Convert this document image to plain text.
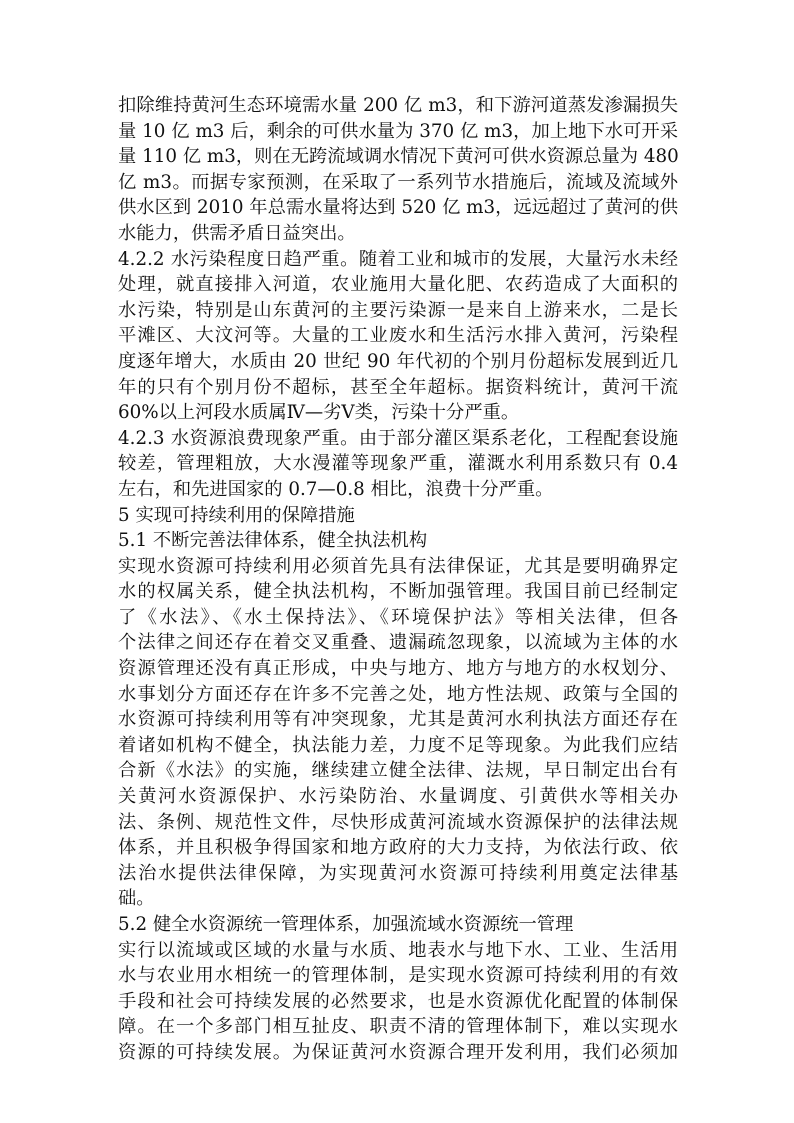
扣除维持黄河生态环境需水量 200 亿 m3，和下游河道蒸发渗漏损失
量 10 亿 m3 后，剩余的可供水量为 370 亿 m3，加上地下水可开采
量 110 亿 m3，则在无跨流域调水情况下黄河可供水资源总量为 480
亿 m3。而据专家预测，在采取了一系列节水措施后，流域及流域外
供水区到 2010 年总需水量将达到 520 亿 m3，远远超过了黄河的供
水能力，供需矛盾日益突出。
4.2.2 水污染程度日趋严重。随着工业和城市的发展，大量污水未经
处理，就直接排入河道，农业施用大量化肥、农药造成了大面积的
水污染，特别是山东黄河的主要污染源一是来自上游来水，二是长
平滩区、大汶河等。大量的工业废水和生活污水排入黄河，污染程
度逐年增大，水质由 20 世纪 90 年代初的个别月份超标发展到近几
年的只有个别月份不超标，甚至全年超标。据资料统计，黄河干流
60%以上河段水质属Ⅳ—劣Ⅴ类，污染十分严重。
4.2.3 水资源浪费现象严重。由于部分灌区渠系老化，工程配套设施
较差，管理粗放，大水漫灌等现象严重，灌溉水利用系数只有 0.4
左右，和先进国家的 0.7—0.8 相比，浪费十分严重。
5 实现可持续利用的保障措施
5.1 不断完善法律体系，健全执法机构
实现水资源可持续利用必须首先具有法律保证，尤其是要明确界定
水的权属关系，健全执法机构，不断加强管理。我国目前已经制定
了《水法》、《水土保持法》、《环境保护法》等相关法律，但各
个法律之间还存在着交叉重叠、遗漏疏忽现象，以流域为主体的水
资源管理还没有真正形成，中央与地方、地方与地方的水权划分、
水事划分方面还存在许多不完善之处，地方性法规、政策与全国的
水资源可持续利用等有冲突现象，尤其是黄河水利执法方面还存在
着诸如机构不健全，执法能力差，力度不足等现象。为此我们应结
合新《水法》的实施，继续建立健全法律、法规，早日制定出台有
关黄河水资源保护、水污染防治、水量调度、引黄供水等相关办
法、条例、规范性文件，尽快形成黄河流域水资源保护的法律法规
体系，并且积极争得国家和地方政府的大力支持，为依法行政、依
法治水提供法律保障，为实现黄河水资源可持续利用奠定法律基
础。
5.2 健全水资源统一管理体系，加强流域水资源统一管理
实行以流域或区域的水量与水质、地表水与地下水、工业、生活用
水与农业用水相统一的管理体制，是实现水资源可持续利用的有效
手段和社会可持续发展的必然要求，也是水资源优化配置的体制保
障。在一个多部门相互扯皮、职责不清的管理体制下，难以实现水
资源的可持续发展。为保证黄河水资源合理开发利用，我们必须加
